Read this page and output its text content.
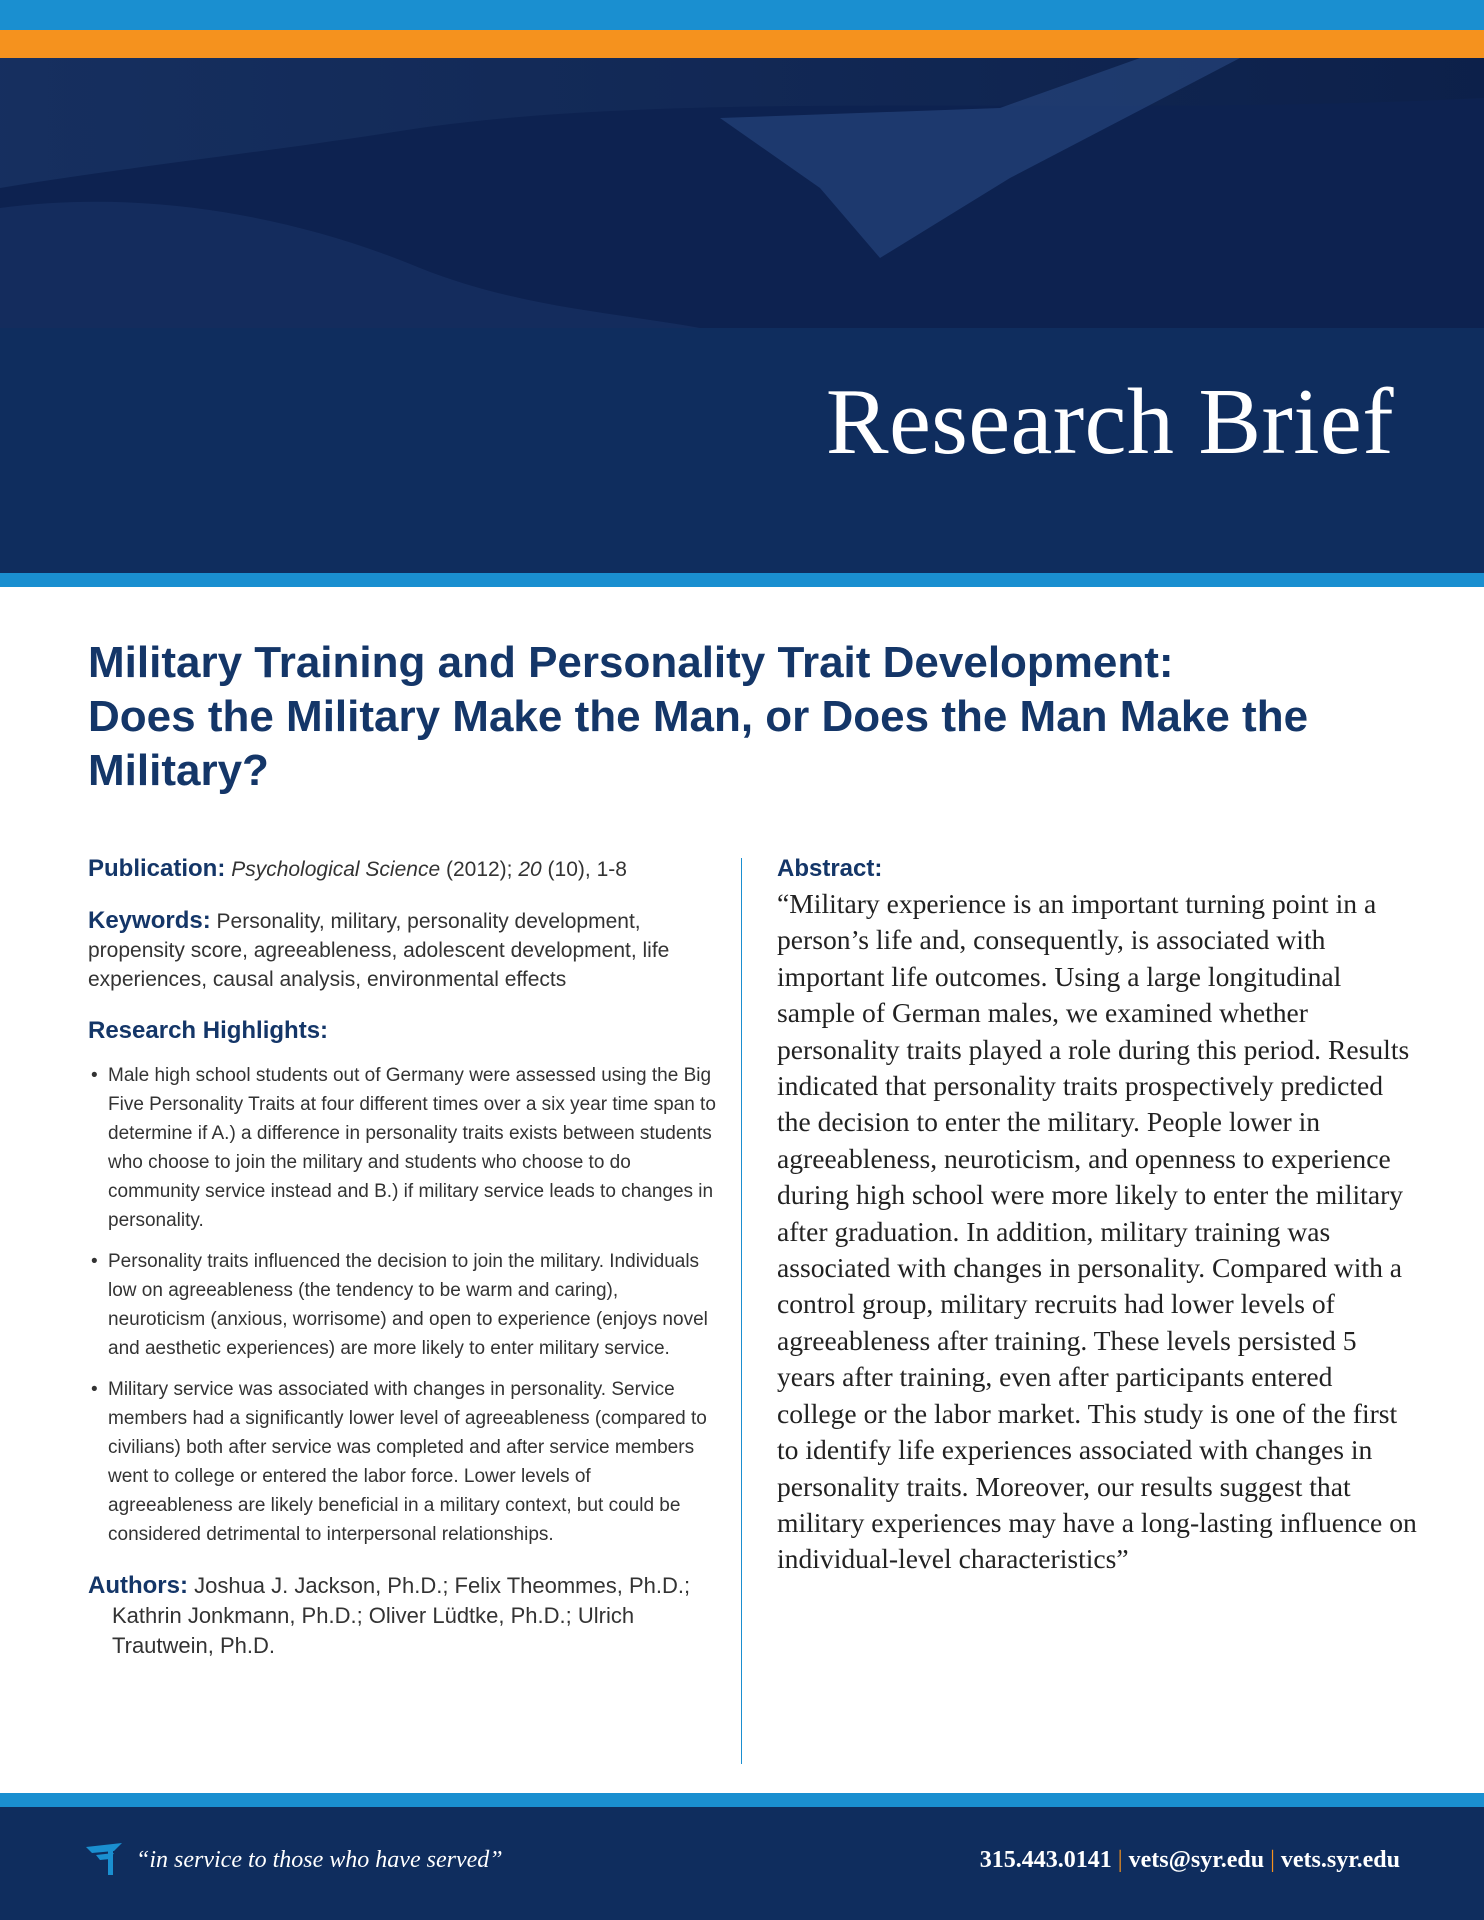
Research Brief
Military Training and Personality Trait Development:
Does the Military Make the Man, or Does the Man Make the Military?

Publication: Psychological Science (2012); 20 (10), 1-8

Keywords: Personality, military, personality development, propensity score, agreeableness, adolescent development, life experiences, causal analysis, environmental effects

Research Highlights:

• Male high school students out of Germany were assessed using the Big Five Personality Traits at four different times over a six year time span to determine if A.) a difference in personality traits exists between students who choose to join the military and students who choose to do community service instead and B.) if military service leads to changes in personality.
• Personality traits influenced the decision to join the military. Individuals low on agreeableness (the tendency to be warm and caring), neuroticism (anxious, worrisome) and open to experience (enjoys novel and aesthetic experiences) are more likely to enter military service.
• Military service was associated with changes in personality. Service members had a significantly lower level of agreeableness (compared to civilians) both after service was completed and after service members went to college or entered the labor force. Lower levels of agreeableness are likely beneficial in a military context, but could be considered detrimental to interpersonal relationships.

Authors: Joshua J. Jackson, Ph.D.; Felix Theommes, Ph.D.; Kathrin Jonkmann, Ph.D.; Oliver Lüdtke, Ph.D.; Ulrich Trautwein, Ph.D.

Abstract:

“Military experience is an important turning point in a person’s life and, consequently, is associated with important life outcomes. Using a large longitudinal sample of German males, we examined whether personality traits played a role during this period. Results indicated that personality traits prospectively predicted the decision to enter the military. People lower in agreeableness, neuroticism, and openness to experience during high school were more likely to enter the military after graduation. In addition, military training was associated with changes in personality. Compared with a control group, military recruits had lower levels of agreeableness after training. These levels persisted 5 years after training, even after participants entered college or the labor market. This study is one of the first to identify life experiences associated with changes in personality traits. Moreover, our results suggest that military experiences may have a long-lasting influence on individual-level characteristics”

“in service to those who have served”	315.443.0141 | vets@syr.edu | vets.syr.edu
